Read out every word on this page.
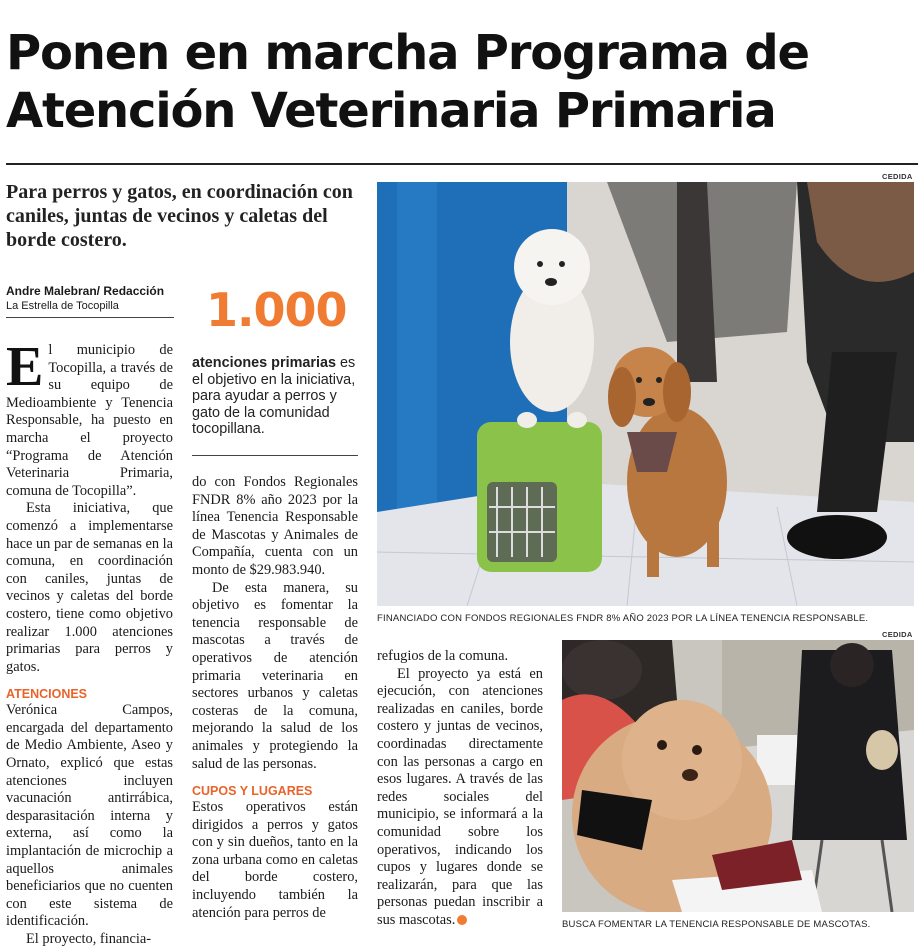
Ponen en marcha Programa de
Atención Veterinaria Primaria

Para perros y gatos, en coordinación con caniles, juntas de vecinos y caletas del borde costero.

Andre Malebran/ Redacción
La Estrella de Tocopilla	1.000
atenciones primarias es el objetivo en la iniciativa, para ayudar a perros y gato de la comunidad tocopillana.

El municipio de Tocopilla, a través de su equipo de Medioambiente y Tenencia Responsable, ha puesto en marcha el proyecto “Programa de Atención Veterinaria Primaria, comuna de Tocopilla”.

Esta iniciativa, que comenzó a implementarse hace un par de semanas en la comuna, en coordinación con caniles, juntas de vecinos y caletas del borde costero, tiene como objetivo realizar 1.000 atenciones primarias para perros y gatos.

ATENCIONES

Verónica Campos, encargada del departamento de Medio Ambiente, Aseo y Ornato, explicó que estas atenciones incluyen vacunación antirrábica, desparasitación interna y externa, así como la implantación de microchip a aquellos animales beneficiarios que no cuenten con este sistema de identificación.

El proyecto, financia-

do con Fondos Regionales FNDR 8% año 2023 por la línea Tenencia Responsable de Mascotas y Animales de Compañía, cuenta con un monto de $29.983.940.

De esta manera, su objetivo es fomentar la tenencia responsable de mascotas a través de operativos de atención primaria veterinaria en sectores urbanos y caletas costeras de la comuna, mejorando la salud de los animales y protegiendo la salud de las personas.

CUPOS Y LUGARES

Estos operativos están dirigidos a perros y gatos con y sin dueños, tanto en la zona urbana como en caletas del borde costero, incluyendo también la atención para perros de

refugios de la comuna.

El proyecto ya está en ejecución, con atenciones realizadas en caniles, borde costero y juntas de vecinos, coordinadas directamente con las personas a cargo en esos lugares. A través de las redes sociales del municipio, se informará a la comunidad sobre los operativos, indicando los cupos y lugares donde se realizarán, para que las personas puedan inscribir a sus mascotas.

CEDIDA
FINANCIADO CON FONDOS REGIONALES FNDR 8% AÑO 2023 POR LA LÍNEA TENENCIA RESPONSABLE.
CEDIDA
BUSCA FOMENTAR LA TENENCIA RESPONSABLE DE MASCOTAS.
